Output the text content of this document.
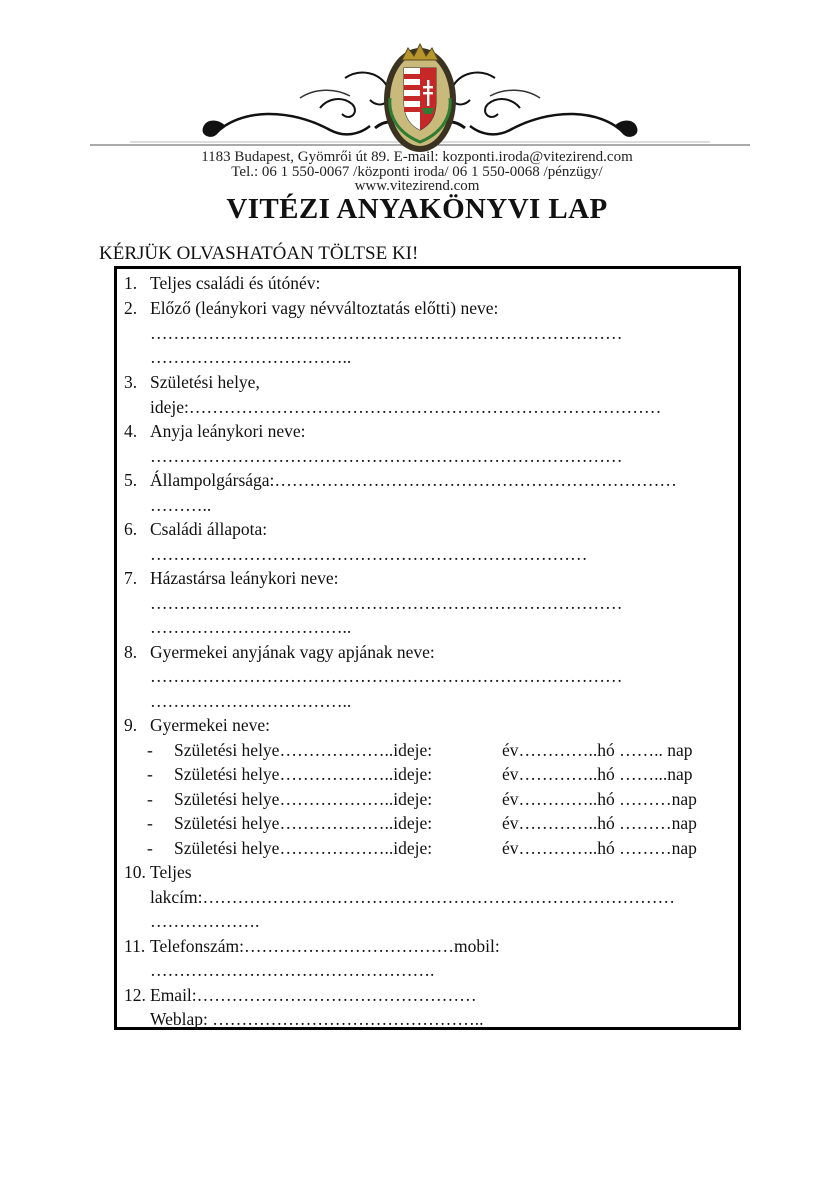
1183 Budapest, Gyömrői út 89. E-mail: kozponti.iroda@vitezirend.com
Tel.: 06 1 550-0067 /központi iroda/ 06 1 550-0068 /pénzügy/
www.vitezirend.com
VITÉZI ANYAKÖNYVI LAP
KÉRJÜK OLVASHATÓAN TÖLTSE KI!
1. Teljes családi és útónév:
2. Előző (leánykori vagy névváltoztatás előtti) neve:
………………………………………………………………………
……………………………..
3. Születési helye,
ideje:………………………………………………………………………
4. Anyja leánykori neve:
………………………………………………………………………
5. Állampolgársága:……………………………………………………………
………..
6. Családi állapota:
…………………………………………………………………
7. Házastársa leánykori neve:
………………………………………………………………………
……………………………..
8. Gyermekei anyjának vagy apjának neve:
………………………………………………………………………
……………………………..
9. Gyermekei neve:
- Születési helye………………..ideje:	év…………..hó …….. nap
- Születési helye………………..ideje:	év…………..hó ……...nap
- Születési helye………………..ideje:	év…………..hó ………nap
- Születési helye………………..ideje:	év…………..hó ………nap
- Születési helye………………..ideje:	év…………..hó ………nap
10. Teljes
lakcím:………………………………………………………………………
……………….
11. Telefonszám:………………………………mobil:
………………………………………….
12. Email:…………………………………………
Weblap: ………………………………………..
